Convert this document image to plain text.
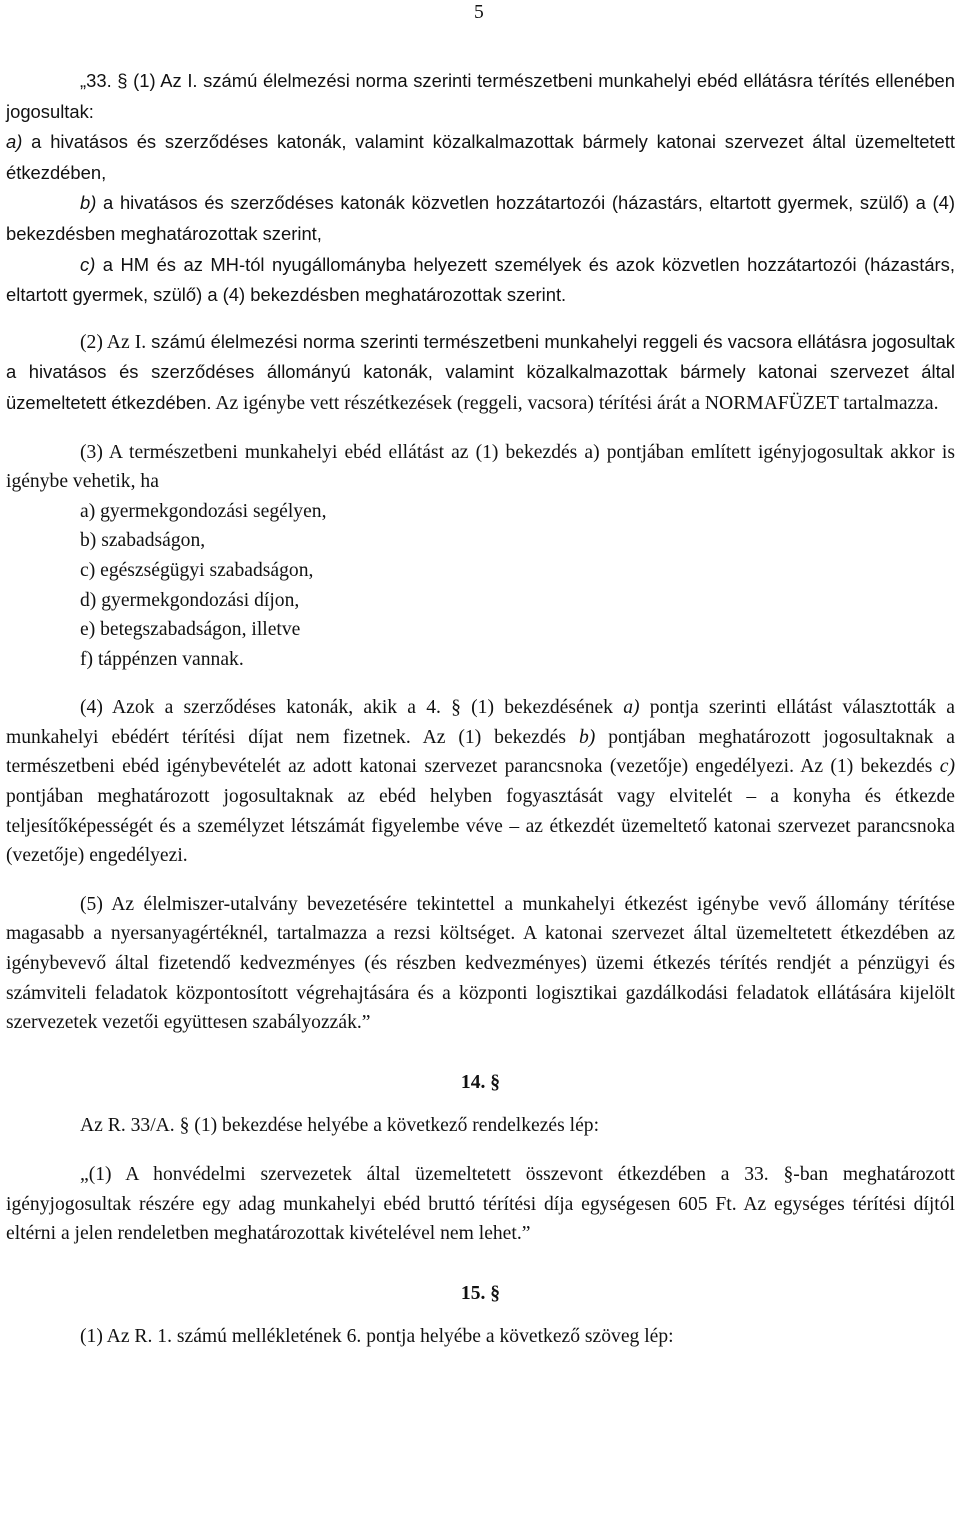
5

„33. § (1) Az I. számú élelmezési norma szerinti természetbeni munkahelyi ebéd ellátásra térítés ellenében jogosultak:

a) a hivatásos és szerződéses katonák, valamint közalkalmazottak bármely katonai szervezet által üzemeltetett étkezdében,

b) a hivatásos és szerződéses katonák közvetlen hozzátartozói (házastárs, eltartott gyermek, szülő) a (4) bekezdésben meghatározottak szerint,

c) a HM és az MH-tól nyugállományba helyezett személyek és azok közvetlen hozzátartozói (házastárs, eltartott gyermek, szülő) a (4) bekezdésben meghatározottak szerint.

(2) Az I. számú élelmezési norma szerinti természetbeni munkahelyi reggeli és vacsora ellátásra jogosultak a hivatásos és szerződéses állományú katonák, valamint közalkalmazottak bármely katonai szervezet által üzemeltetett étkezdében. Az igénybe vett részétkezések (reggeli, vacsora) térítési árát a NORMAFÜZET tartalmazza.

(3) A természetbeni munkahelyi ebéd ellátást az (1) bekezdés a) pontjában említett igényjogosultak akkor is igénybe vehetik, ha

a) gyermekgondozási segélyen,

b) szabadságon,

c) egészségügyi szabadságon,

d) gyermekgondozási díjon,

e) betegszabadságon, illetve

f) táppénzen vannak.

(4) Azok a szerződéses katonák, akik a 4. § (1) bekezdésének a) pontja szerinti ellátást választották a munkahelyi ebédért térítési díjat nem fizetnek. Az (1) bekezdés b) pontjában meghatározott jogosultaknak a természetbeni ebéd igénybevételét az adott katonai szervezet parancsnoka (vezetője) engedélyezi. Az (1) bekezdés c) pontjában meghatározott jogosultaknak az ebéd helyben fogyasztását vagy elvitelét – a konyha és étkezde teljesítőképességét és a személyzet létszámát figyelembe véve – az étkezdét üzemeltető katonai szervezet parancsnoka (vezetője) engedélyezi.

(5) Az élelmiszer-utalvány bevezetésére tekintettel a munkahelyi étkezést igénybe vevő állomány térítése magasabb a nyersanyagértéknél, tartalmazza a rezsi költséget. A katonai szervezet által üzemeltetett étkezdében az igénybevevő által fizetendő kedvezményes (és részben kedvezményes) üzemi étkezés térítés rendjét a pénzügyi és számviteli feladatok központosított végrehajtására és a központi logisztikai gazdálkodási feladatok ellátására kijelölt szervezetek vezetői együttesen szabályozzák.”

14. §

Az R. 33/A. § (1) bekezdése helyébe a következő rendelkezés lép:

„(1) A honvédelmi szervezetek által üzemeltetett összevont étkezdében a 33. §-ban meghatározott igényjogosultak részére egy adag munkahelyi ebéd bruttó térítési díja egységesen 605 Ft. Az egységes térítési díjtól eltérni a jelen rendeletben meghatározottak kivételével nem lehet.”

15. §

(1) Az R. 1. számú mellékletének 6. pontja helyébe a következő szöveg lép:
